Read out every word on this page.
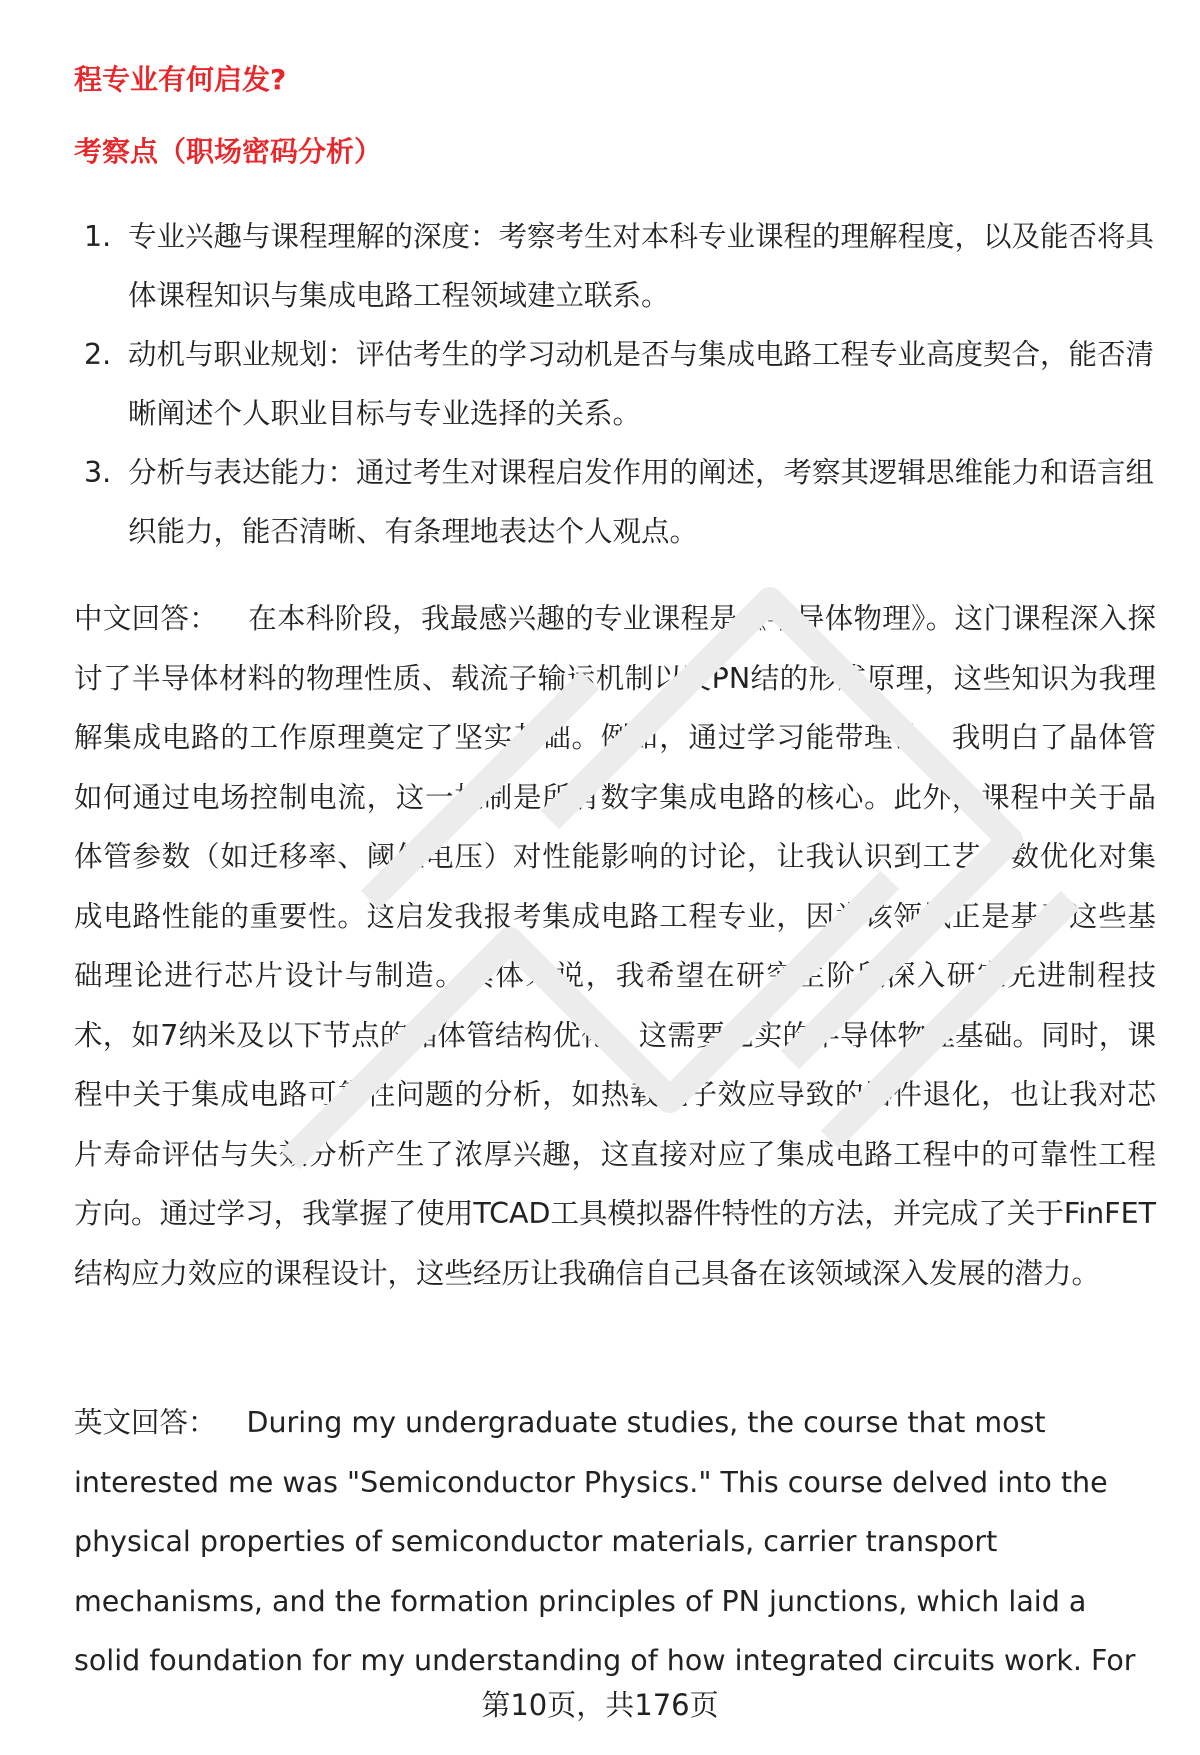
程专业有何启发?
考察点（职场密码分析）
1. 专业兴趣与课程理解的深度：考察考生对本科专业课程的理解程度，以及能否将具体课程知识与集成电路工程领域建立联系。
2. 动机与职业规划：评估考生的学习动机是否与集成电路工程专业高度契合，能否清晰阐述个人职业目标与专业选择的关系。
3. 分析与表达能力：通过考生对课程启发作用的阐述，考察其逻辑思维能力和语言组织能力，能否清晰、有条理地表达个人观点。

中文回答： 在本科阶段，我最感兴趣的专业课程是《半导体物理》。这门课程深入探讨了半导体材料的物理性质、载流子输运机制以及PN结的形成原理，这些知识为我理解集成电路的工作原理奠定了坚实基础。例如，通过学习能带理论，我明白了晶体管如何通过电场控制电流，这一机制是所有数字集成电路的核心。此外，课程中关于晶体管参数（如迁移率、阈值电压）对性能影响的讨论，让我认识到工艺参数优化对集成电路性能的重要性。这启发我报考集成电路工程专业，因为该领域正是基于这些基础理论进行芯片设计与制造。具体来说，我希望在研究生阶段深入研究先进制程技术，如7纳米及以下节点的晶体管结构优化，这需要扎实的半导体物理基础。同时，课程中关于集成电路可靠性问题的分析，如热载流子效应导致的器件退化，也让我对芯片寿命评估与失效分析产生了浓厚兴趣，这直接对应了集成电路工程中的可靠性工程方向。通过学习，我掌握了使用TCAD工具模拟器件特性的方法，并完成了关于FinFET结构应力效应的课程设计，这些经历让我确信自己具备在该领域深入发展的潜力。

英文回答： During my undergraduate studies, the course that most interested me was "Semiconductor Physics." This course delved into the physical properties of semiconductor materials, carrier transport mechanisms, and the formation principles of PN junctions, which laid a solid foundation for my understanding of how integrated circuits work. For

第10页，共176页
